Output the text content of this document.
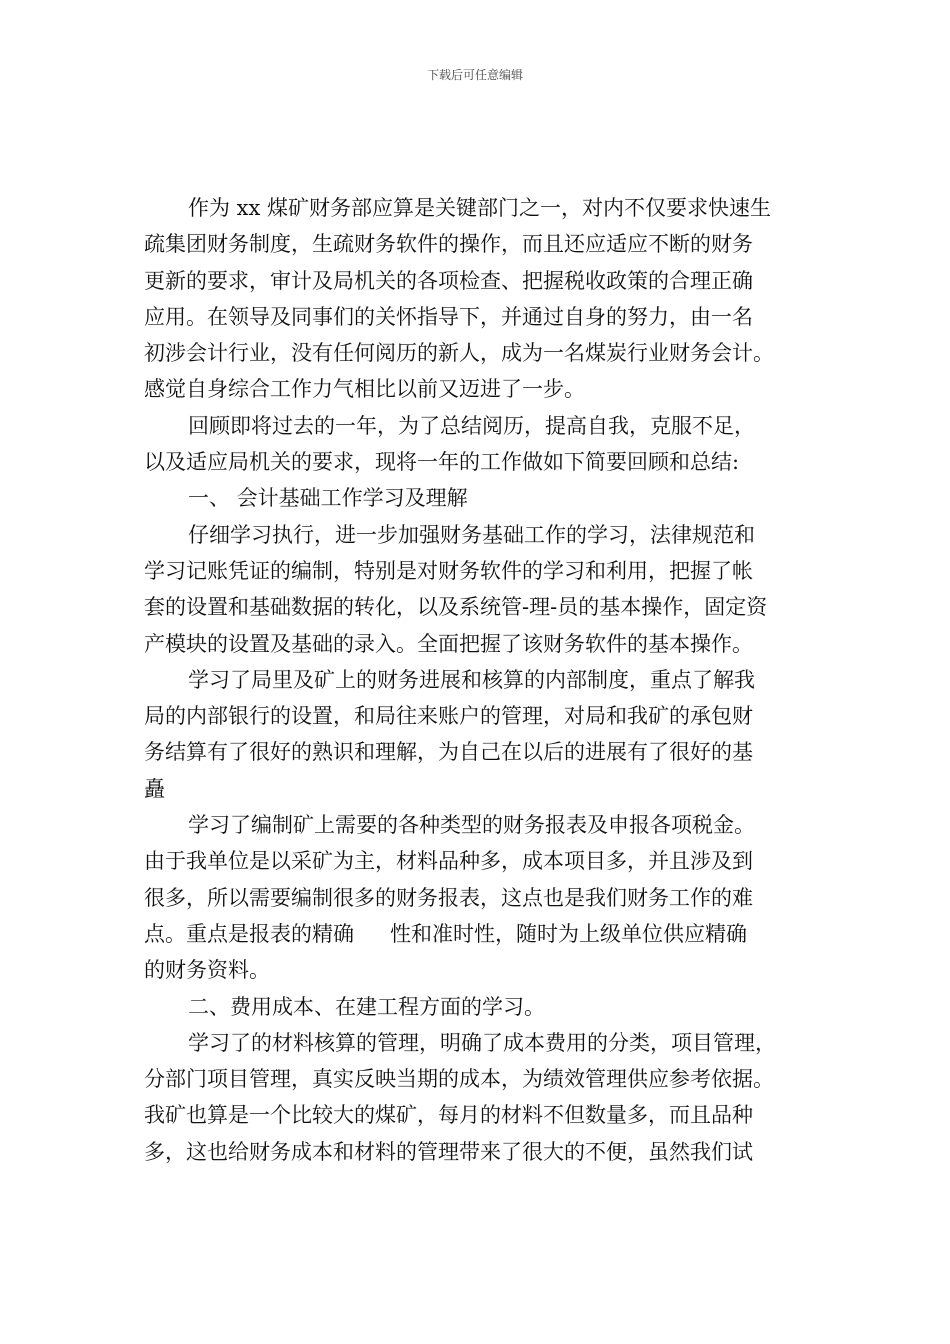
下载后可任意编辑
作为 xx 煤矿财务部应算是关键部门之一，对内不仅要求快速生
疏集团财务制度，生疏财务软件的操作，而且还应适应不断的财务
更新的要求，审计及局机关的各项检查、把握税收政策的合理正确
应用。在领导及同事们的关怀指导下，并通过自身的努力，由一名
初涉会计行业，没有任何阅历的新人，成为一名煤炭行业财务会计。
感觉自身综合工作力气相比以前又迈进了一步。
回顾即将过去的一年，为了总结阅历，提高自我，克服不足，
以及适应局机关的要求，现将一年的工作做如下简要回顾和总结:
一、 会计基础工作学习及理解
仔细学习执行，进一步加强财务基础工作的学习，法律规范和
学习记账凭证的编制，特别是对财务软件的学习和利用，把握了帐
套的设置和基础数据的转化，以及系统管-理-员的基本操作，固定资
产模块的设置及基础的录入。全面把握了该财务软件的基本操作。
学习了局里及矿上的财务进展和核算的内部制度，重点了解我
局的内部银行的设置，和局往来账户的管理，对局和我矿的承包财
务结算有了很好的熟识和理解，为自己在以后的进展有了很好的基
矗
学习了编制矿上需要的各种类型的财务报表及申报各项税金。
由于我单位是以采矿为主，材料品种多，成本项目多，并且涉及到
很多，所以需要编制很多的财务报表，这点也是我们财务工作的难
点。重点是报表的精确 性和准时性，随时为上级单位供应精确
的财务资料。
二、费用成本、在建工程方面的学习。
学习了的材料核算的管理，明确了成本费用的分类，项目管理，
分部门项目管理，真实反映当期的成本，为绩效管理供应参考依据。
我矿也算是一个比较大的煤矿，每月的材料不但数量多，而且品种
多，这也给财务成本和材料的管理带来了很大的不便，虽然我们试
